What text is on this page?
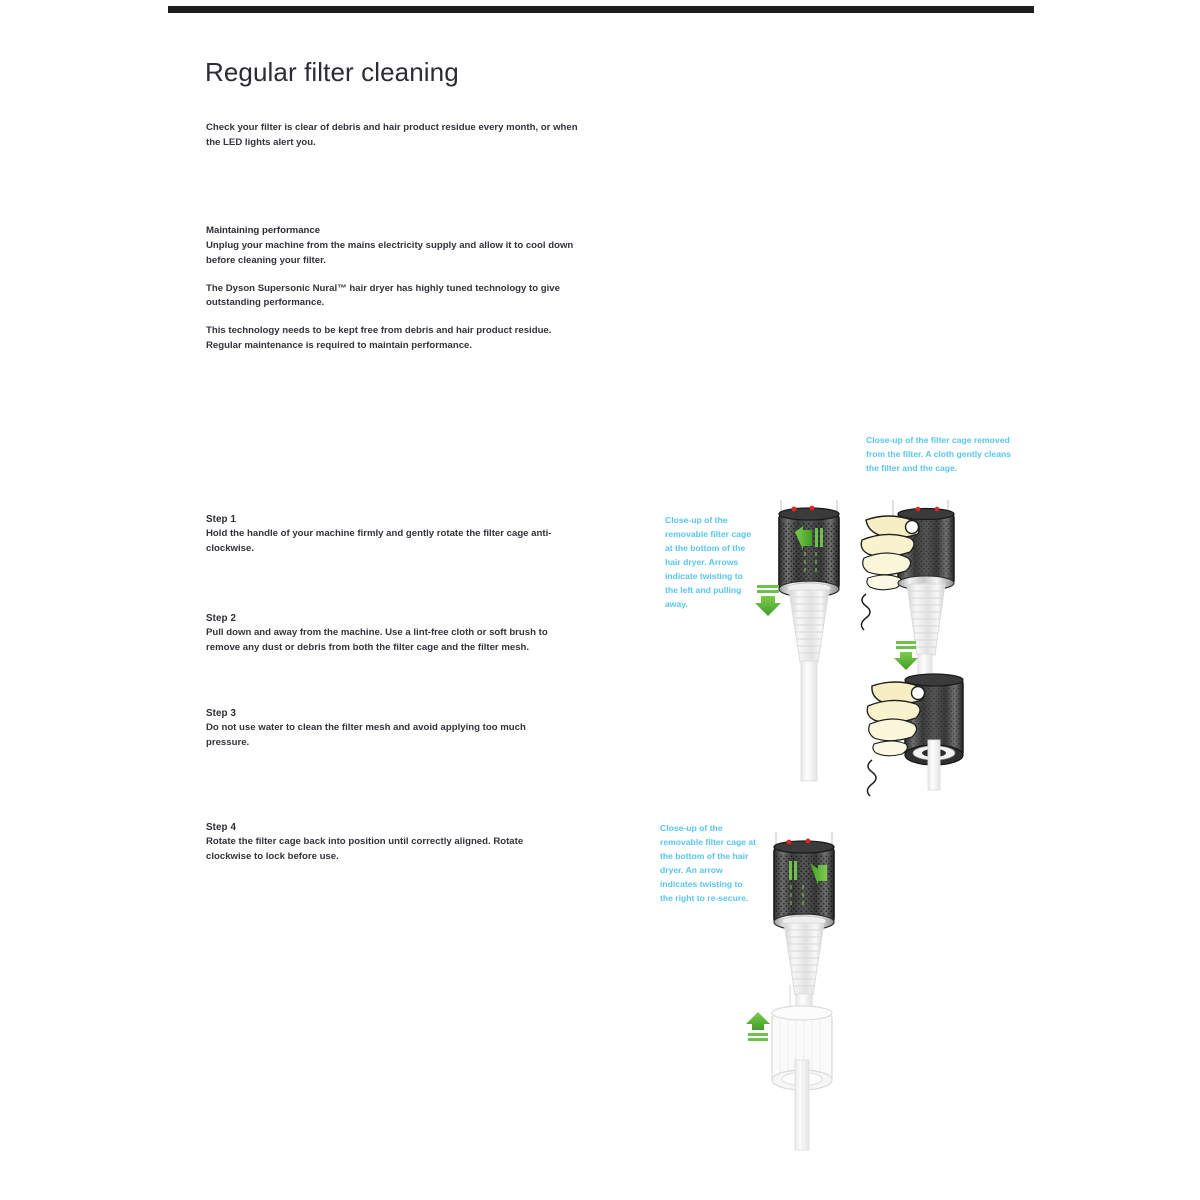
Regular filter cleaning
Check your filter is clear of debris and hair product residue every month, or when the LED lights alert you.
Maintaining performance
Unplug your machine from the mains electricity supply and allow it to cool down before cleaning your filter.
The Dyson Supersonic Nural™ hair dryer has highly tuned technology to give outstanding performance.
This technology needs to be kept free from debris and hair product residue. Regular maintenance is required to maintain performance.
Step 1
Hold the handle of your machine firmly and gently rotate the filter cage anti-clockwise.
Step 2
Pull down and away from the machine. Use a lint-free cloth or soft brush to remove any dust or debris from both the filter cage and the filter mesh.
Step 3
Do not use water to clean the filter mesh and avoid applying too much pressure.
Step 4
Rotate the filter cage back into position until correctly aligned. Rotate clockwise to lock before use.
Close-up of the removable filter cage at the bottom of the hair dryer. Arrows indicate twisting to the left and pulling away.
Close-up of the filter cage removed from the filter. A cloth gently cleans the filter and the cage.
Close-up of the removable filter cage at the bottom of the hair dryer. An arrow indicates twisting to the right to re-secure.
